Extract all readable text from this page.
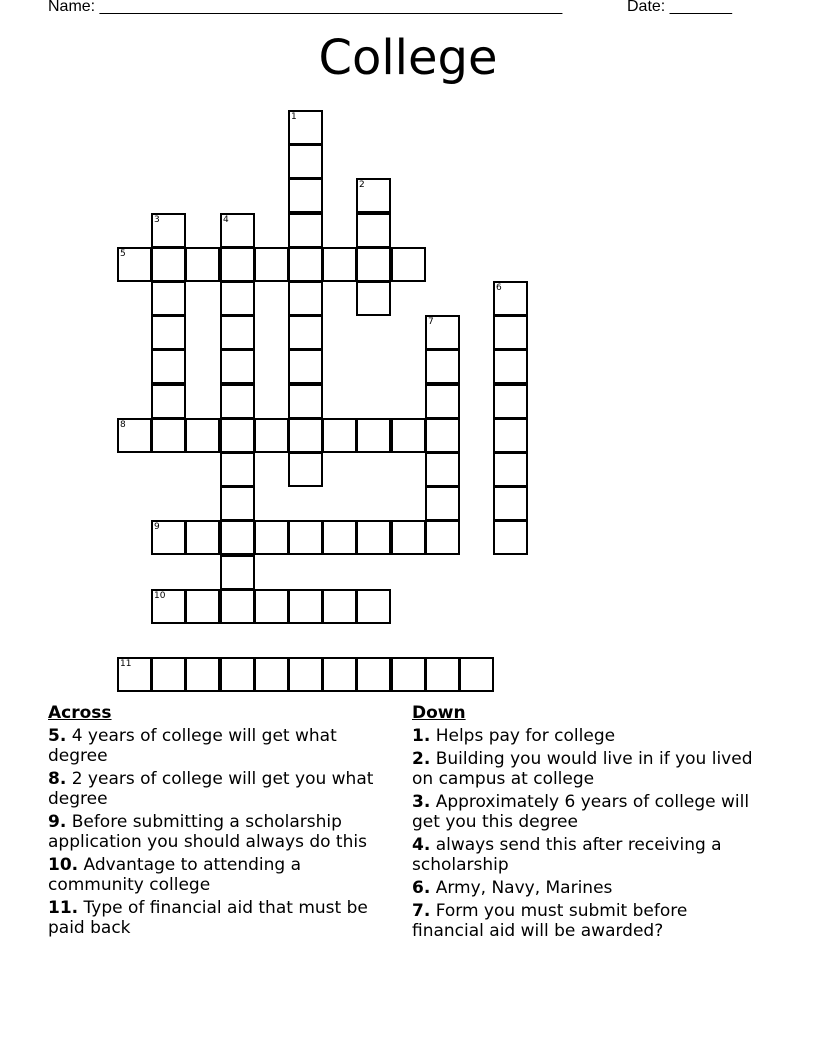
Name: ____________________________________________________	Date: _______
College
1
2
3	4
5
6
7
8
9
10
11
Across
5. 4 years of college will get what degree
8. 2 years of college will get you what degree
9. Before submitting a scholarship application you should always do this
10. Advantage to attending a community college
11. Type of financial aid that must be paid back
Down
1. Helps pay for college
2. Building you would live in if you lived on campus at college
3. Approximately 6 years of college will get you this degree
4. always send this after receiving a scholarship
6. Army, Navy, Marines
7. Form you must submit before financial aid will be awarded?
